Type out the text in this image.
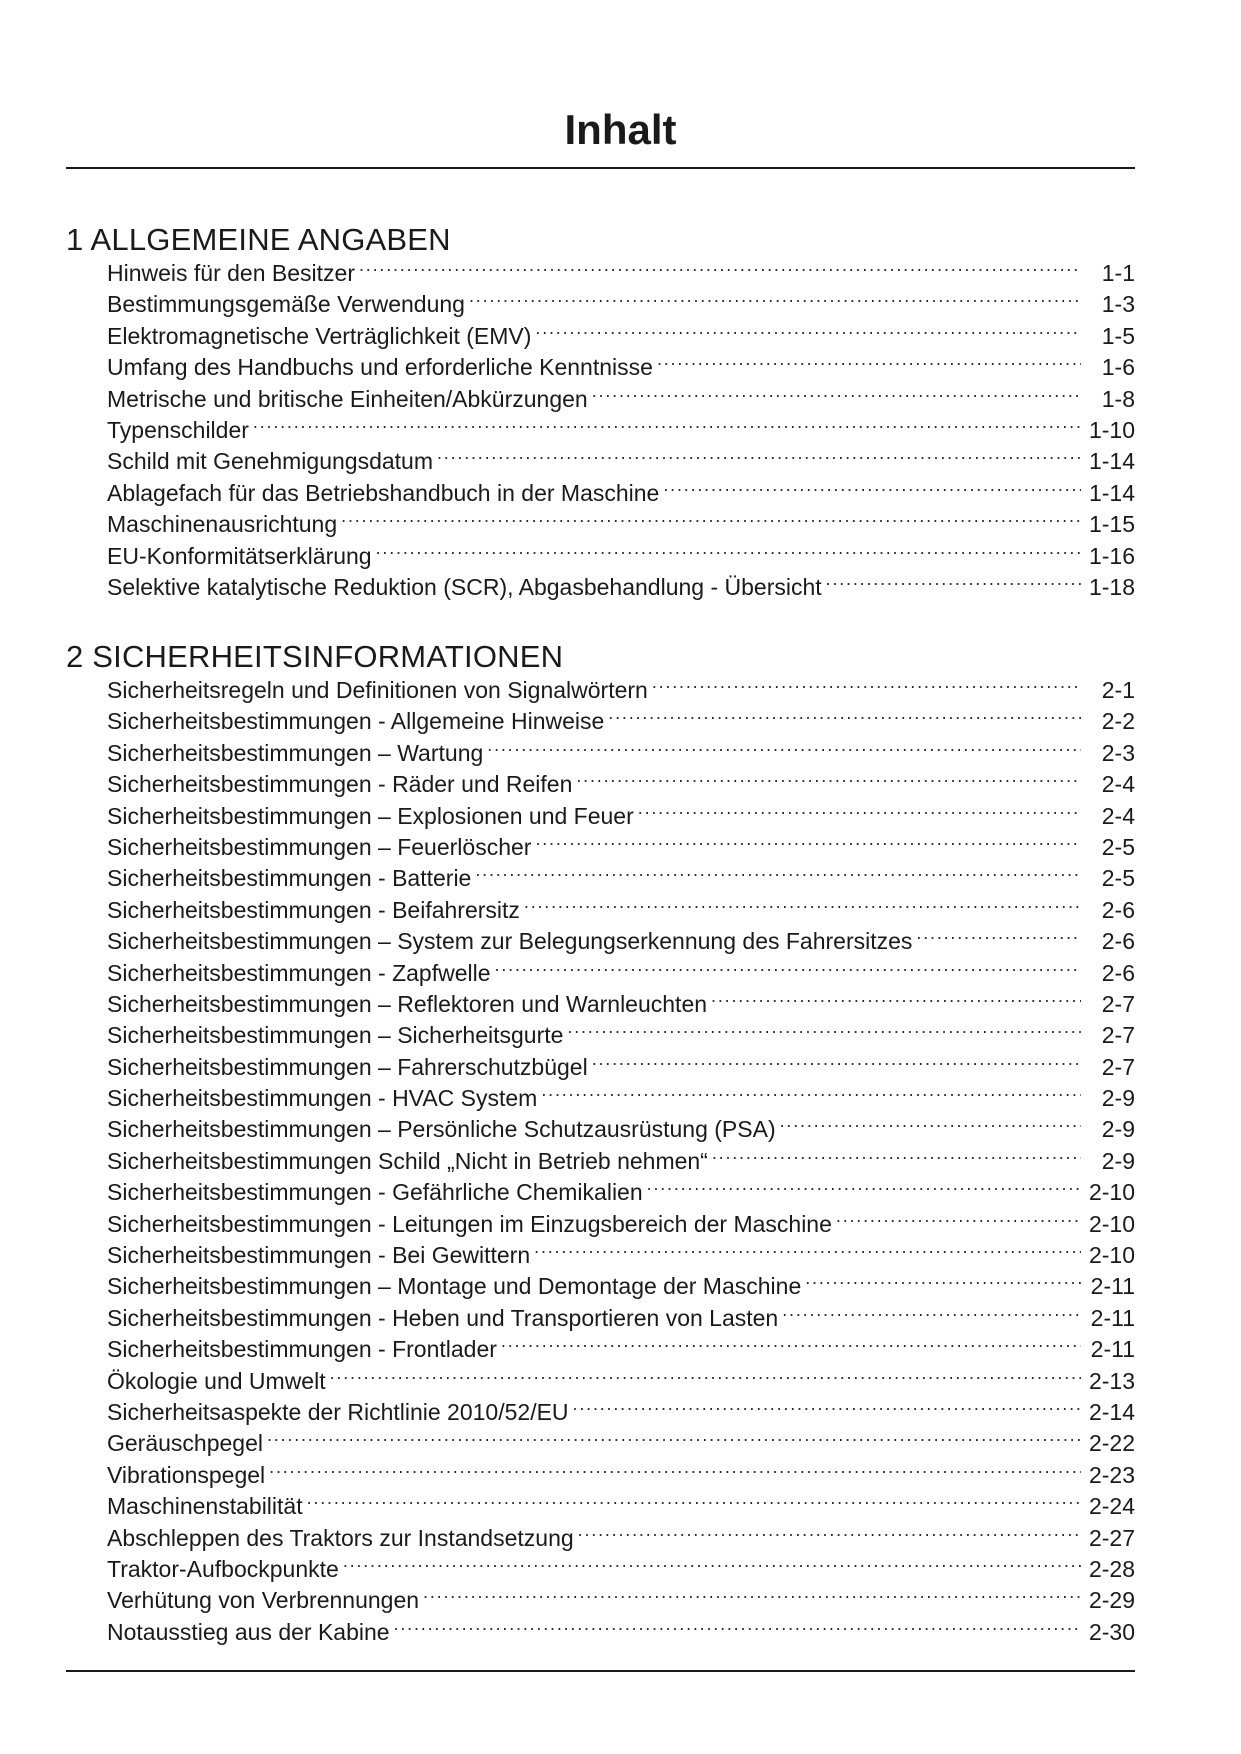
Inhalt
1 ALLGEMEINE ANGABEN
Hinweis für den Besitzer . . .	1-1
Bestimmungsgemäße Verwendung . . .	1-3
Elektromagnetische Verträglichkeit (EMV) . . .	1-5
Umfang des Handbuchs und erforderliche Kenntnisse . . .	1-6
Metrische und britische Einheiten/Abkürzungen . . .	1-8
Typenschilder . . .	1-10
Schild mit Genehmigungsdatum . . .	1-14
Ablagefach für das Betriebshandbuch in der Maschine . . .	1-14
Maschinenausrichtung . . .	1-15
EU-Konformitätserklärung . . .	1-16
Selektive katalytische Reduktion (SCR), Abgasbehandlung - Übersicht . . .	1-18
2 SICHERHEITSINFORMATIONEN
Sicherheitsregeln und Definitionen von Signalwörtern . . .	2-1
Sicherheitsbestimmungen - Allgemeine Hinweise . . .	2-2
Sicherheitsbestimmungen – Wartung . . .	2-3
Sicherheitsbestimmungen - Räder und Reifen . . .	2-4
Sicherheitsbestimmungen – Explosionen und Feuer . . .	2-4
Sicherheitsbestimmungen – Feuerlöscher . . .	2-5
Sicherheitsbestimmungen - Batterie . . .	2-5
Sicherheitsbestimmungen - Beifahrersitz . . .	2-6
Sicherheitsbestimmungen – System zur Belegungserkennung des Fahrersitzes . . .	2-6
Sicherheitsbestimmungen - Zapfwelle . . .	2-6
Sicherheitsbestimmungen – Reflektoren und Warnleuchten . . .	2-7
Sicherheitsbestimmungen – Sicherheitsgurte . . .	2-7
Sicherheitsbestimmungen – Fahrerschutzbügel . . .	2-7
Sicherheitsbestimmungen - HVAC System . . .	2-9
Sicherheitsbestimmungen – Persönliche Schutzausrüstung (PSA) . . .	2-9
Sicherheitsbestimmungen Schild „Nicht in Betrieb nehmen“ . . .	2-9
Sicherheitsbestimmungen - Gefährliche Chemikalien . . .	2-10
Sicherheitsbestimmungen - Leitungen im Einzugsbereich der Maschine . . .	2-10
Sicherheitsbestimmungen - Bei Gewittern . . .	2-10
Sicherheitsbestimmungen – Montage und Demontage der Maschine . . .	2-11
Sicherheitsbestimmungen - Heben und Transportieren von Lasten . . .	2-11
Sicherheitsbestimmungen - Frontlader . . .	2-11
Ökologie und Umwelt . . .	2-13
Sicherheitsaspekte der Richtlinie 2010/52/EU . . .	2-14
Geräuschpegel . . .	2-22
Vibrationspegel . . .	2-23
Maschinenstabilität . . .	2-24
Abschleppen des Traktors zur Instandsetzung . . .	2-27
Traktor-Aufbockpunkte . . .	2-28
Verhütung von Verbrennungen . . .	2-29
Notausstieg aus der Kabine . . .	2-30
